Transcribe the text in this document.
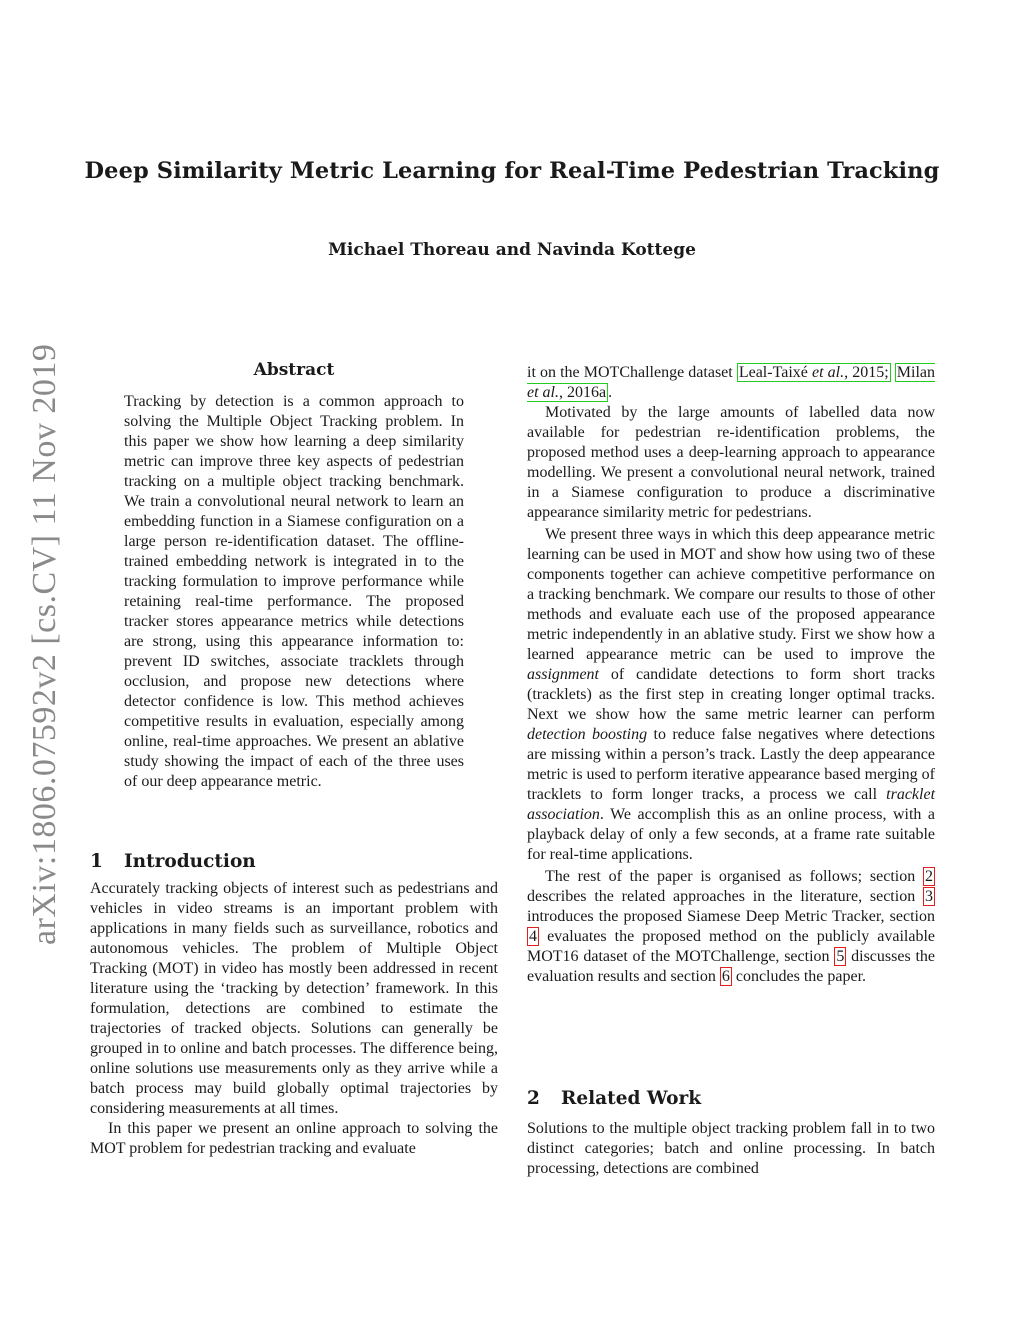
Deep Similarity Metric Learning for Real-Time Pedestrian Tracking
Michael Thoreau and Navinda Kottege
arXiv:1806.07592v2 [cs.CV] 11 Nov 2019	Abstract
Tracking by detection is a common approach to solving the Multiple Object Tracking problem. In this paper we show how learning a deep similarity metric can improve three key aspects of pedestrian tracking on a multiple object tracking benchmark. We train a convolutional neural network to learn an embedding function in a Siamese configuration on a large person re-identification dataset. The offline-trained embedding network is integrated in to the tracking formulation to improve performance while retaining real-time performance. The proposed tracker stores appearance metrics while detections are strong, using this appearance information to: prevent ID switches, associate tracklets through occlusion, and propose new detections where detector confidence is low. This method achieves competitive results in evaluation, especially among online, real-time approaches. We present an ablative study showing the impact of each of the three uses of our deep appearance metric.
1 Introduction

Accurately tracking objects of interest such as pedestrians and vehicles in video streams is an important problem with applications in many fields such as surveillance, robotics and autonomous vehicles. The problem of Multiple Object Tracking (MOT) in video has mostly been addressed in recent literature using the ‘tracking by detection’ framework. In this formulation, detections are combined to estimate the trajectories of tracked objects. Solutions can generally be grouped in to online and batch processes. The difference being, online solutions use measurements only as they arrive while a batch process may build globally optimal trajectories by considering measurements at all times.

In this paper we present an online approach to solving the MOT problem for pedestrian tracking and evaluate

it on the MOTChallenge dataset Leal-Taixé et al., 2015; Milan et al., 2016a .

Motivated by the large amounts of labelled data now available for pedestrian re-identification problems, the proposed method uses a deep-learning approach to appearance modelling. We present a convolutional neural network, trained in a Siamese configuration to produce a discriminative appearance similarity metric for pedestrians.

We present three ways in which this deep appearance metric learning can be used in MOT and show how using two of these components together can achieve competitive performance on a tracking benchmark. We compare our results to those of other methods and evaluate each use of the proposed appearance metric independently in an ablative study. First we show how a learned appearance metric can be used to improve the assignment of candidate detections to form short tracks (tracklets) as the first step in creating longer optimal tracks. Next we show how the same metric learner can perform detection boosting to reduce false negatives where detections are missing within a person’s track. Lastly the deep appearance metric is used to perform iterative appearance based merging of tracklets to form longer tracks, a process we call tracklet association. We accomplish this as an online process, with a playback delay of only a few seconds, at a frame rate suitable for real-time applications.

The rest of the paper is organised as follows; section 2 describes the related approaches in the literature, section 3 introduces the proposed Siamese Deep Metric Tracker, section 4 evaluates the proposed method on the publicly available MOT16 dataset of the MOTChallenge, section 5 discusses the evaluation results and section 6 concludes the paper.

2 Related Work

Solutions to the multiple object tracking problem fall in to two distinct categories; batch and online processing. In batch processing, detections are combined
